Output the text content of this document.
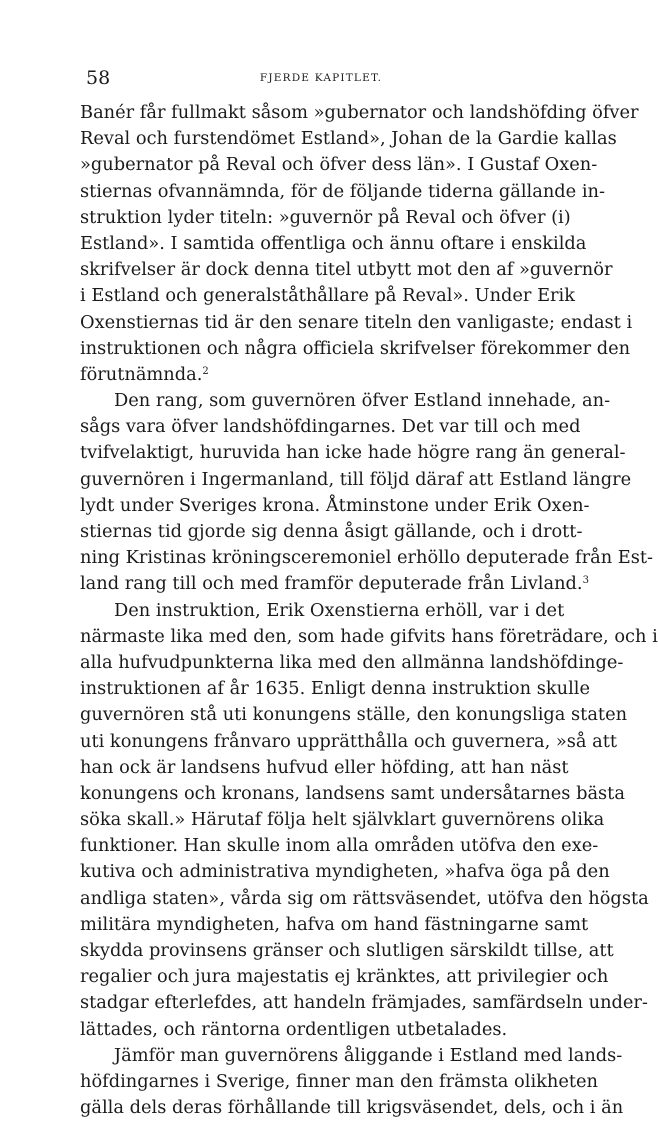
58	FJERDE KAPITLET.
Banér får fullmakt såsom »gubernator och landshöfding öfver
Reval och furstendömet Estland», Johan de la Gardie kallas
»gubernator på Reval och öfver dess län». I Gustaf Oxen-
stiernas ofvannämnda, för de följande tiderna gällande in-
struktion lyder titeln: »guvernör på Reval och öfver (i)
Estland». I samtida offentliga och ännu oftare i enskilda
skrifvelser är dock denna titel utbytt mot den af »guvernör
i Estland och generalståthållare på Reval». Under Erik
Oxenstiernas tid är den senare titeln den vanligaste; endast i
instruktionen och några officiela skrifvelser förekommer den
förutnämnda.$^2$
Den rang, som guvernören öfver Estland innehade, an-
sågs vara öfver landshöfdingarnes. Det var till och med
tvifvelaktigt, huruvida han icke hade högre rang än general-
guvernören i Ingermanland, till följd däraf att Estland längre
lydt under Sveriges krona. Åtminstone under Erik Oxen-
stiernas tid gjorde sig denna åsigt gällande, och i drott-
ning Kristinas kröningsceremoniel erhöllo deputerade från Est-
land rang till och med framför deputerade från Livland.$^3$
Den instruktion, Erik Oxenstierna erhöll, var i det
närmaste lika med den, som hade gifvits hans företrädare, och i
alla hufvudpunkterna lika med den allmänna landshöfdinge-
instruktionen af år 1635. Enligt denna instruktion skulle
guvernören stå uti konungens ställe, den konungsliga staten
uti konungens frånvaro upprätthålla och guvernera, »så att
han ock är landsens hufvud eller höfding, att han näst
konungens och kronans, landsens samt undersåtarnes bästa
söka skall.» Härutaf följa helt självklart guvernörens olika
funktioner. Han skulle inom alla områden utöfva den exe-
kutiva och administrativa myndigheten, »hafva öga på den
andliga staten», vårda sig om rättsväsendet, utöfva den högsta
militära myndigheten, hafva om hand fästningarne samt
skydda provinsens gränser och slutligen särskildt tillse, att
regalier och jura majestatis ej kränktes, att privilegier och
stadgar efterlefdes, att handeln främjades, samfärdseln under-
lättades, och räntorna ordentligen utbetalades.
Jämför man guvernörens åliggande i Estland med lands-
höfdingarnes i Sverige, finner man den främsta olikheten
gälla dels deras förhållande till krigsväsendet, dels, och i än
